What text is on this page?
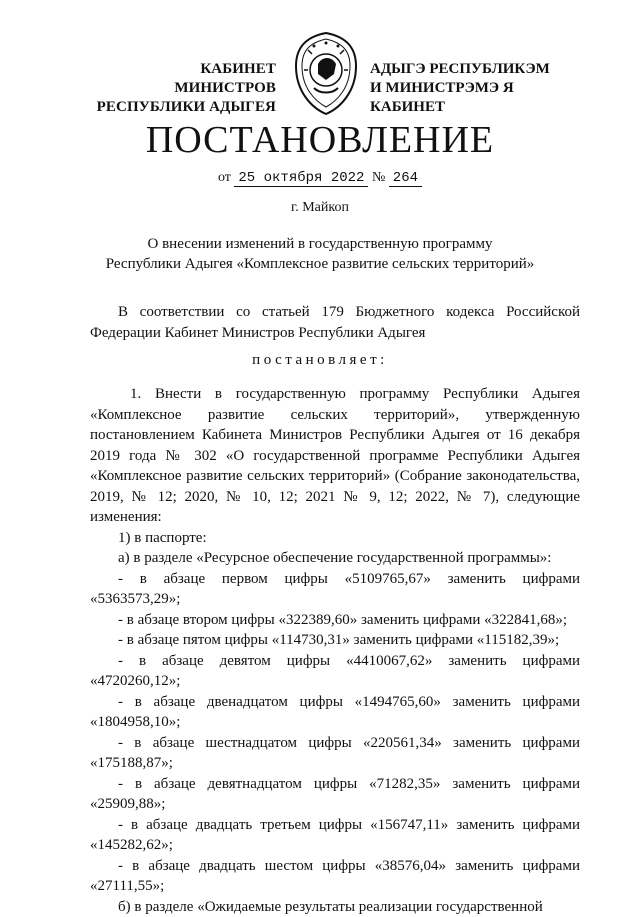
КАБИНЕТ МИНИСТРОВ
РЕСПУБЛИКИ АДЫГЕЯ
АДЫГЭ РЕСПУБЛИКЭМ
И МИНИСТРЭМЭ Я КАБИНЕТ
ПОСТАНОВЛЕНИЕ
от 25 октября 2022 № 264
г. Майкоп
О внесении изменений в государственную программу
Республики Адыгея «Комплексное развитие сельских территорий»
В соответствии со статьей 179 Бюджетного кодекса Российской Федерации Кабинет Министров Республики Адыгея
постановляет:

1. Внести в государственную программу Республики Адыгея «Комплексное развитие сельских территорий», утвержденную постановлением Кабинета Министров Республики Адыгея от 16 декабря 2019 года № 302 «О государственной программе Республики Адыгея «Комплексное развитие сельских территорий» (Собрание законодательства, 2019, № 12; 2020, № 10, 12; 2021 № 9, 12; 2022, № 7), следующие изменения:

1) в паспорте:

а) в разделе «Ресурсное обеспечение государственной программы»:

- в абзаце первом цифры «5109765,67» заменить цифрами «5363573,29»;

- в абзаце втором цифры «322389,60» заменить цифрами «322841,68»;

- в абзаце пятом цифры «114730,31» заменить цифрами «115182,39»;

- в абзаце девятом цифры «4410067,62» заменить цифрами «4720260,12»;

- в абзаце двенадцатом цифры «1494765,60» заменить цифрами «1804958,10»;

- в абзаце шестнадцатом цифры «220561,34» заменить цифрами «175188,87»;

- в абзаце девятнадцатом цифры «71282,35» заменить цифрами «25909,88»;

- в абзаце двадцать третьем цифры «156747,11» заменить цифрами «145282,62»;

- в абзаце двадцать шестом цифры «38576,04» заменить цифрами «27111,55»;

б) в разделе «Ожидаемые результаты реализации государственной
